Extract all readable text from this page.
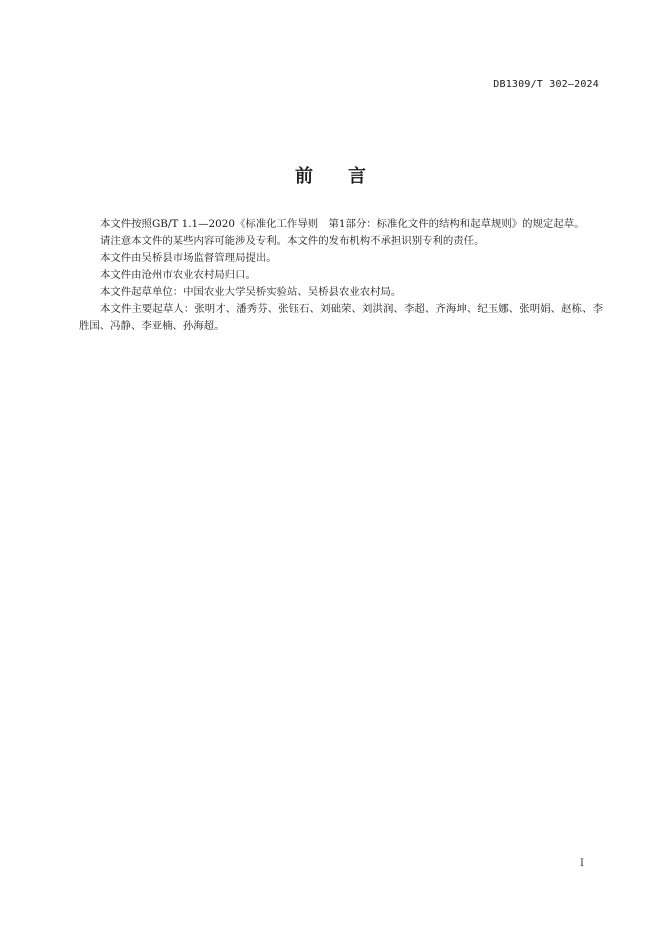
DB1309/T 302—2024
前 言

本文件按照GB/T 1.1—2020《标准化工作导则　第1部分：标准化文件的结构和起草规则》的规定起草。

请注意本文件的某些内容可能涉及专利。本文件的发布机构不承担识别专利的责任。

本文件由吴桥县市场监督管理局提出。

本文件由沧州市农业农村局归口。

本文件起草单位：中国农业大学吴桥实验站、吴桥县农业农村局。

本文件主要起草人：张明才、潘秀芬、张钰石、刘础荣、刘洪润、李超、齐海坤、纪玉娜、张明娟、赵栋、李胜国、冯静、李亚楠、孙海超。

I
